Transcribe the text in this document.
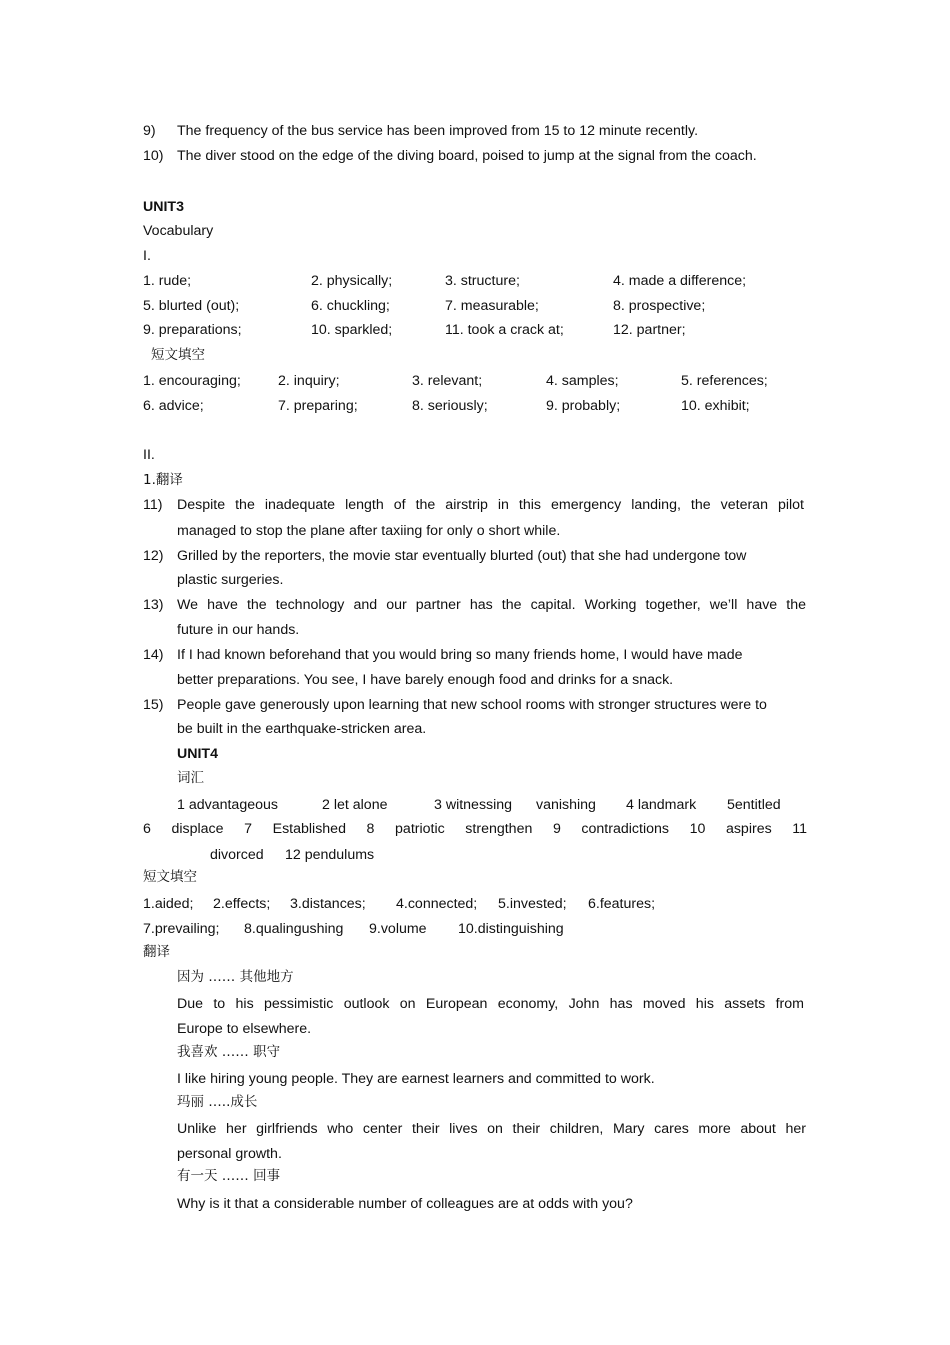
9) The frequency of the bus service has been improved from 15 to 12 minute recently.
10) The diver stood on the edge of the diving board, poised to jump at the signal from the coach.
UNIT3
Vocabulary
I.
1. rude;	2. physically;	3. structure;	4. made a difference;
5. blurted (out);	6. chuckling;	7. measurable;	8. prospective;
9. preparations;	10. sparkled;	11. took a crack at;	12. partner;
短文填空
1. encouraging;	2. inquiry;	3. relevant;	4. samples;	5. references;
6. advice;	7. preparing;	8. seriously;	9. probably;	10. exhibit;
II.
1.翻译
11) Despite the inadequate length of the airstrip in this emergency landing, the veteran pilot
managed to stop the plane after taxiing for only o short while.
12) Grilled by the reporters, the movie star eventually blurted (out) that she had undergone tow
plastic surgeries.
13) We have the technology and our partner has the capital. Working together, we’ll have the
future in our hands.
14) If I had known beforehand that you would bring so many friends home, I would have made
better preparations. You see, I have barely enough food and drinks for a snack.
15) People gave generously upon learning that new school rooms with stronger structures were to
be built in the earthquake-stricken area.
UNIT4
词汇
1 advantageous	2 let alone	3 witnessing vanishing 4 landmark 5entitled
6 displace 7 Established 8 patriotic strengthen 9 contradictions 10 aspires 11
divorced 12 pendulums
短文填空
1.aided; 2.effects; 3.distances; 4.connected; 5.invested; 6.features;
7.prevailing; 8.qualingushing 9.volume 10.distinguishing
翻译
因为 …… 其他地方
Due to his pessimistic outlook on European economy, John has moved his assets from
Europe to elsewhere.
我喜欢 …… 职守
I like hiring young people. They are earnest learners and committed to work.
玛丽 …..成长
Unlike her girlfriends who center their lives on their children, Mary cares more about her
personal growth.
有一天 …… 回事
Why is it that a considerable number of colleagues are at odds with you?
